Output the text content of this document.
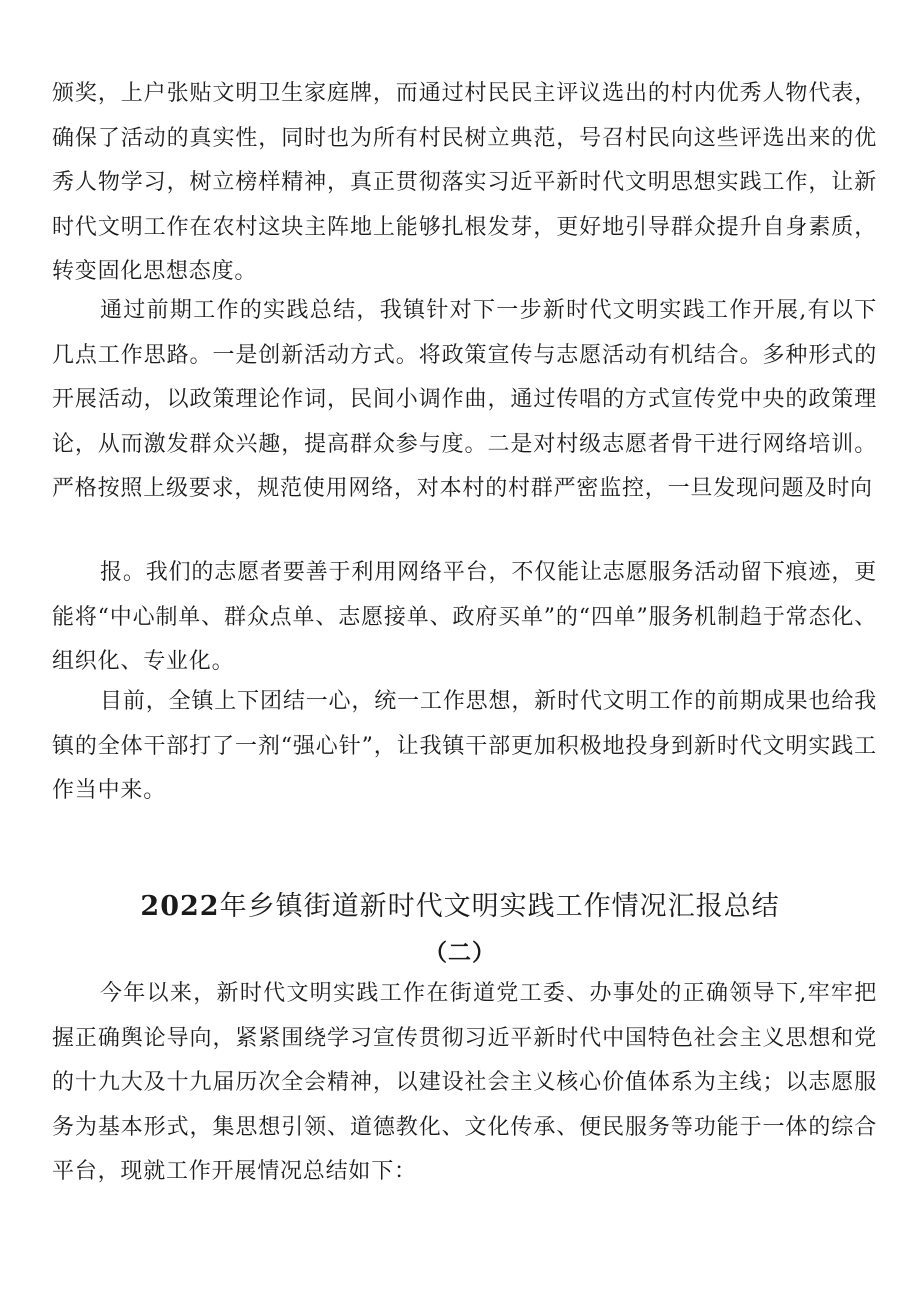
颁奖，上户张贴文明卫生家庭牌，而通过村民民主评议选出的村内优秀人物代表，确保了活动的真实性，同时也为所有村民树立典范，号召村民向这些评选出来的优秀人物学习，树立榜样精神，真正贯彻落实习近平新时代文明思想实践工作，让新时代文明工作在农村这块主阵地上能够扎根发芽，更好地引导群众提升自身素质，转变固化思想态度。

通过前期工作的实践总结，我镇针对下一步新时代文明实践工作开展,有以下几点工作思路。一是创新活动方式。将政策宣传与志愿活动有机结合。多种形式的开展活动，以政策理论作词，民间小调作曲，通过传唱的方式宣传党中央的政策理论，从而激发群众兴趣，提高群众参与度。二是对村级志愿者骨干进行网络培训。严格按照上级要求，规范使用网络，对本村的村群严密监控，一旦发现问题及时向

报。我们的志愿者要善于利用网络平台，不仅能让志愿服务活动留下痕迹，更能将“中心制单、群众点单、志愿接单、政府买单”的“四单”服务机制趋于常态化、组织化、专业化。

目前，全镇上下团结一心，统一工作思想，新时代文明工作的前期成果也给我镇的全体干部打了一剂“强心针”，让我镇干部更加积极地投身到新时代文明实践工作当中来。

2022年乡镇街道新时代文明实践工作情况汇报总结
（二）

今年以来，新时代文明实践工作在街道党工委、办事处的正确领导下,牢牢把握正确舆论导向，紧紧围绕学习宣传贯彻习近平新时代中国特色社会主义思想和党的十九大及十九届历次全会精神，以建设社会主义核心价值体系为主线；以志愿服务为基本形式，集思想引领、道德教化、文化传承、便民服务等功能于一体的综合平台，现就工作开展情况总结如下：
